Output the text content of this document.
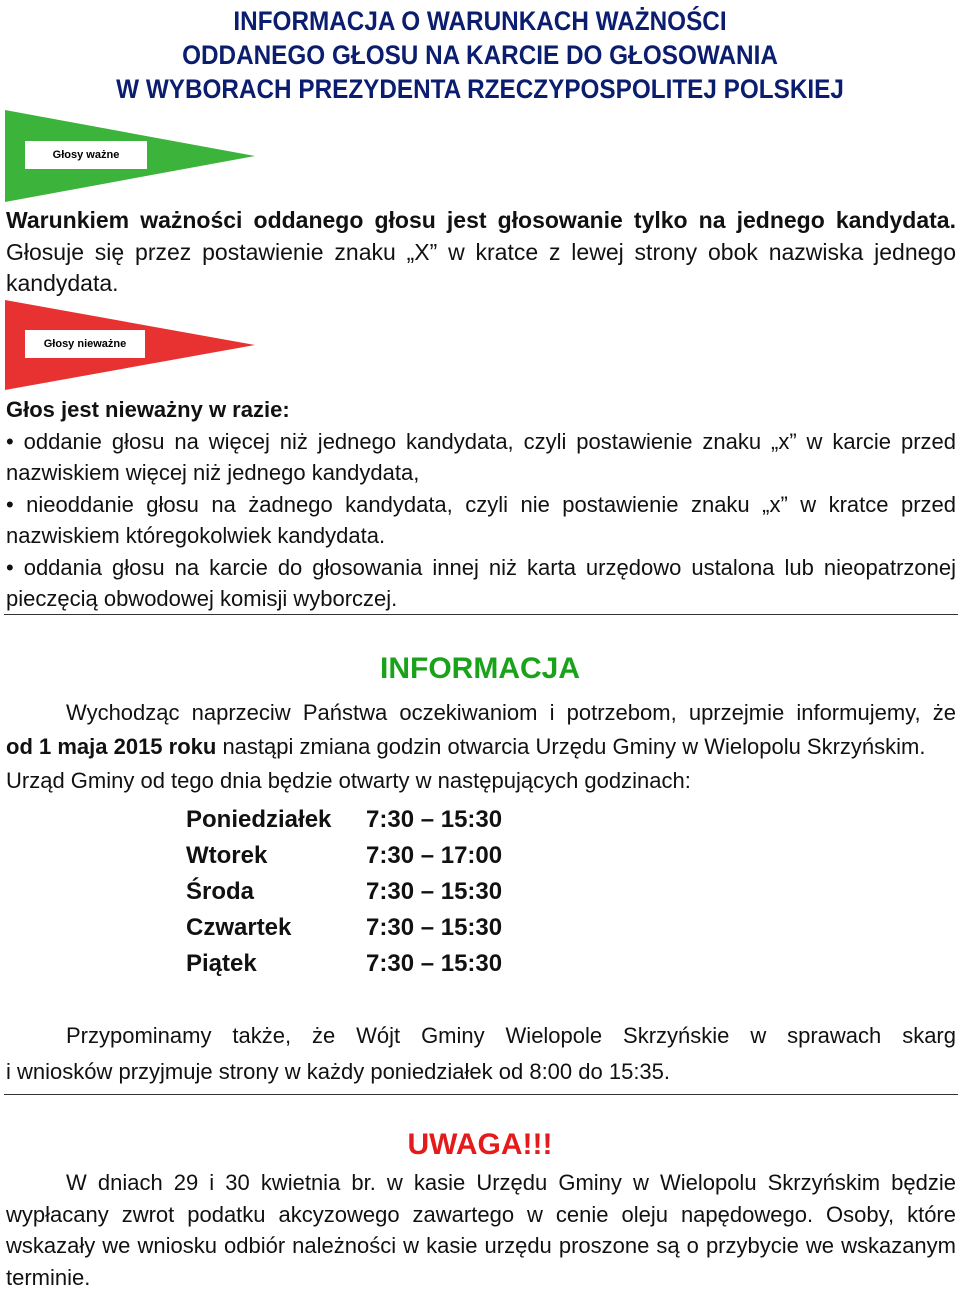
INFORMACJA O WARUNKACH WAŻNOŚCI
ODDANEGO GŁOSU NA KARCIE DO GŁOSOWANIA
W WYBORACH PREZYDENTA RZECZYPOSPOLITEJ POLSKIEJ
Głosy ważne
Warunkiem ważności oddanego głosu jest głosowanie tylko na jednego kandydata.
Głosuje się przez postawienie znaku „X” w kratce z lewej strony obok nazwiska jednego
kandydata.
Głosy nieważne
Głos jest nieważny w razie:
• oddanie głosu na więcej niż jednego kandydata, czyli postawienie znaku „x” w karcie przed
nazwiskiem więcej niż jednego kandydata,
• nieoddanie głosu na żadnego kandydata, czyli nie postawienie znaku „x” w kratce przed
nazwiskiem któregokolwiek kandydata.
• oddania głosu na karcie do głosowania innej niż karta urzędowo ustalona lub nieopatrzonej
pieczęcią obwodowej komisji wyborczej.
INFORMACJA
Wychodząc naprzeciw Państwa oczekiwaniom i potrzebom, uprzejmie informujemy, że
od 1 maja 2015 roku nastąpi zmiana godzin otwarcia Urzędu Gminy w Wielopolu Skrzyńskim.
Urząd Gminy od tego dnia będzie otwarty w następujących godzinach:
Poniedziałek	7:30 – 15:30
Wtorek	7:30 – 17:00
Środa	7:30 – 15:30
Czwartek	7:30 – 15:30
Piątek	7:30 – 15:30
Przypominamy także, że Wójt Gminy Wielopole Skrzyńskie w sprawach skarg
i wniosków przyjmuje strony w każdy poniedziałek od 8:00 do 15:35.
UWAGA!!!
W dniach 29 i 30 kwietnia br. w kasie Urzędu Gminy w Wielopolu Skrzyńskim będzie
wypłacany zwrot podatku akcyzowego zawartego w cenie oleju napędowego. Osoby, które
wskazały we wniosku odbiór należności w kasie urzędu proszone są o przybycie we wskazanym
terminie.
